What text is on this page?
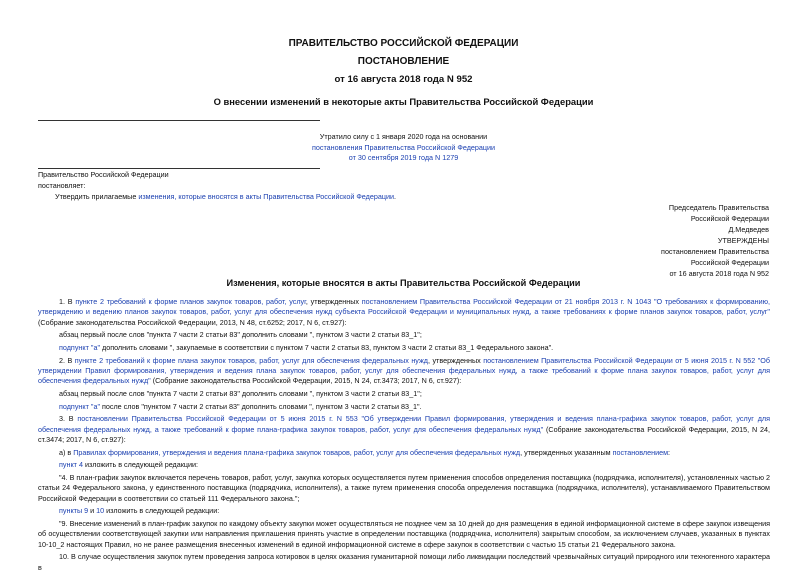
ПРАВИТЕЛЬСТВО РОССИЙСКОЙ ФЕДЕРАЦИИ
ПОСТАНОВЛЕНИЕ
от 16 августа 2018 года N 952
О внесении изменений в некоторые акты Правительства Российской Федерации
Утратило силу с 1 января 2020 года на основании
постановления Правительства Российской Федерации
от 30 сентября 2019 года N 1279
Правительство Российской Федерации
постановляет:
Утвердить прилагаемые изменения, которые вносятся в акты Правительства Российской Федерации.
Председатель Правительства
Российской Федерации
Д.Медведев
УТВЕРЖДЕНЫ
постановлением Правительства
Российской Федерации
от 16 августа 2018 года N 952
Изменения, которые вносятся в акты Правительства Российской Федерации

1. В пункте 2 требований к форме планов закупок товаров, работ, услуг, утвержденных постановлением Правительства Российской Федерации от 21 ноября 2013 г. N 1043 "О требованиях к формированию, утверждению и ведению планов закупок товаров, работ, услуг для обеспечения нужд субъекта Российской Федерации и муниципальных нужд, а также требованиях к форме планов закупок товаров, работ, услуг" (Собрание законодательства Российской Федерации, 2013, N 48, ст.6252; 2017, N 6, ст.927):

абзац первый после слов "пункта 7 части 2 статьи 83" дополнить словами ", пунктом 3 части 2 статьи 83_1";

подпункт "а" дополнить словами ", закупаемые в соответствии с пунктом 7 части 2 статьи 83, пунктом 3 части 2 статьи 83_1 Федерального закона".

2. В пункте 2 требований к форме плана закупок товаров, работ, услуг для обеспечения федеральных нужд, утвержденных постановлением Правительства Российской Федерации от 5 июня 2015 г. N 552 "Об утверждении Правил формирования, утверждения и ведения плана закупок товаров, работ, услуг для обеспечения федеральных нужд, а также требований к форме плана закупок товаров, работ, услуг для обеспечения федеральных нужд" (Собрание законодательства Российской Федерации, 2015, N 24, ст.3473; 2017, N 6, ст.927):

абзац первый после слов "пункта 7 части 2 статьи 83" дополнить словами ", пунктом 3 части 2 статьи 83_1";

подпункт "а" после слов "пунктом 7 части 2 статьи 83" дополнить словами ", пунктом 3 части 2 статьи 83_1".

3. В постановлении Правительства Российской Федерации от 5 июня 2015 г. N 553 "Об утверждении Правил формирования, утверждения и ведения плана-графика закупок товаров, работ, услуг для обеспечения федеральных нужд, а также требований к форме плана-графика закупок товаров, работ, услуг для обеспечения федеральных нужд" (Собрание законодательства Российской Федерации, 2015, N 24, ст.3474; 2017, N 6, ст.927):

а) в Правилах формирования, утверждения и ведения плана-графика закупок товаров, работ, услуг для обеспечения федеральных нужд, утвержденных указанным постановлением:

пункт 4 изложить в следующей редакции:

"4. В план-график закупок включается перечень товаров, работ, услуг, закупка которых осуществляется путем применения способов определения поставщика (подрядчика, исполнителя), установленных частью 2 статьи 24 Федерального закона, у единственного поставщика (подрядчика, исполнителя), а также путем применения способа определения поставщика (подрядчика, исполнителя), устанавливаемого Правительством Российской Федерации в соответствии со статьей 111 Федерального закона.";

пункты 9 и 10 изложить в следующей редакции:

"9. Внесение изменений в план-график закупок по каждому объекту закупки может осуществляться не позднее чем за 10 дней до дня размещения в единой информационной системе в сфере закупок извещения об осуществлении соответствующей закупки или направления приглашения принять участие в определении поставщика (подрядчика, исполнителя) закрытым способом, за исключением случаев, указанных в пунктах 10-10_2 настоящих Правил, но не ранее размещения внесенных изменений в единой информационной системе в сфере закупок в соответствии с частью 15 статьи 21 Федерального закона.

10. В случае осуществления закупок путем проведения запроса котировок в целях оказания гуманитарной помощи либо ликвидации последствий чрезвычайных ситуаций природного или техногенного характера в
